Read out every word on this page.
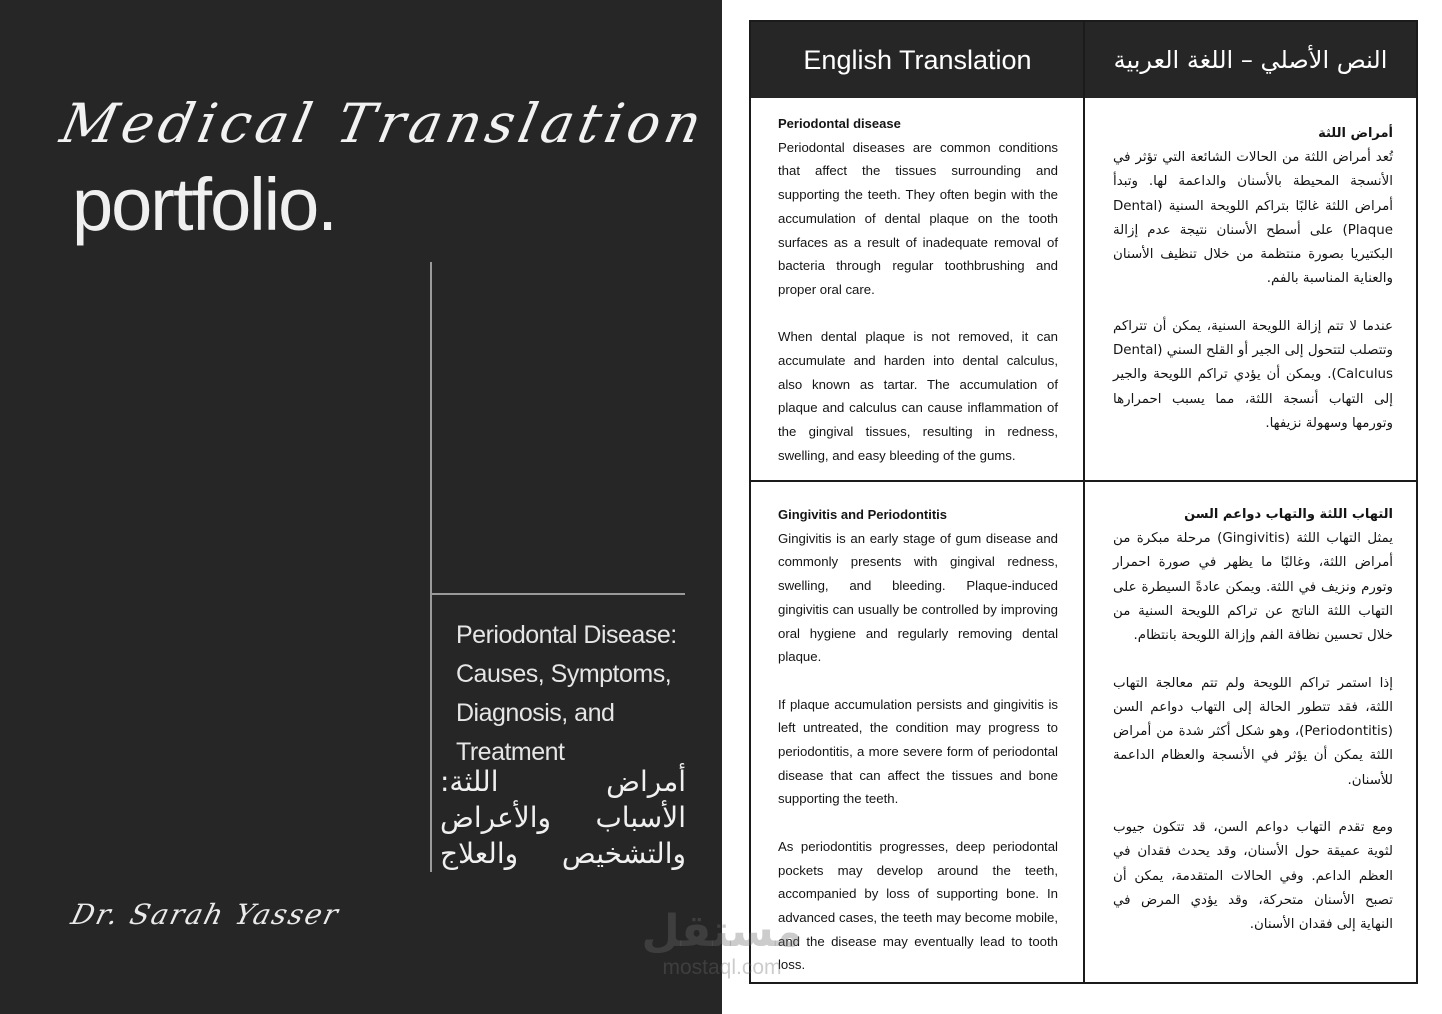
Medical Translation
portfolio.
Periodontal Disease: Causes, Symptoms, Diagnosis, and Treatment
أمراض اللثة: الأسباب والأعراض والتشخيص والعلاج
Dr. Sarah Yasser
English Translation	النص الأصلي – اللغة العربية
Periodontal disease

Periodontal diseases are common conditions that affect the tissues surrounding and supporting the teeth. They often begin with the accumulation of dental plaque on the tooth surfaces as a result of inadequate removal of bacteria through regular toothbrushing and proper oral care.

When dental plaque is not removed, it can accumulate and harden into dental calculus, also known as tartar. The accumulation of plaque and calculus can cause inflammation of the gingival tissues, resulting in redness, swelling, and easy bleeding of the gums.

أمراض اللثة

تُعد أمراض اللثة من الحالات الشائعة التي تؤثر في الأنسجة المحيطة بالأسنان والداعمة لها. وتبدأ أمراض اللثة غالبًا بتراكم اللويحة السنية (Dental Plaque) على أسطح الأسنان نتيجة عدم إزالة البكتيريا بصورة منتظمة من خلال تنظيف الأسنان والعناية المناسبة بالفم.

عندما لا تتم إزالة اللويحة السنية، يمكن أن تتراكم وتتصلب لتتحول إلى الجير أو القلح السني (Dental Calculus). ويمكن أن يؤدي تراكم اللويحة والجير إلى التهاب أنسجة اللثة، مما يسبب احمرارها وتورمها وسهولة نزيفها.

Gingivitis and Periodontitis

Gingivitis is an early stage of gum disease and commonly presents with gingival redness, swelling, and bleeding. Plaque-induced gingivitis can usually be controlled by improving oral hygiene and regularly removing dental plaque.

If plaque accumulation persists and gingivitis is left untreated, the condition may progress to periodontitis, a more severe form of periodontal disease that can affect the tissues and bone supporting the teeth.

As periodontitis progresses, deep periodontal pockets may develop around the teeth, accompanied by loss of supporting bone. In advanced cases, the teeth may become mobile, and the disease may eventually lead to tooth loss.

التهاب اللثة والتهاب دواعم السن

يمثل التهاب اللثة (Gingivitis) مرحلة مبكرة من أمراض اللثة، وغالبًا ما يظهر في صورة احمرار وتورم ونزيف في اللثة. ويمكن عادةً السيطرة على التهاب اللثة الناتج عن تراكم اللويحة السنية من خلال تحسين نظافة الفم وإزالة اللويحة بانتظام.

إذا استمر تراكم اللويحة ولم تتم معالجة التهاب اللثة، فقد تتطور الحالة إلى التهاب دواعم السن (Periodontitis)، وهو شكل أكثر شدة من أمراض اللثة يمكن أن يؤثر في الأنسجة والعظام الداعمة للأسنان.

ومع تقدم التهاب دواعم السن، قد تتكون جيوب لثوية عميقة حول الأسنان، وقد يحدث فقدان في العظم الداعم. وفي الحالات المتقدمة، يمكن أن تصبح الأسنان متحركة، وقد يؤدي المرض في النهاية إلى فقدان الأسنان.

مستقل
mostaql.com
